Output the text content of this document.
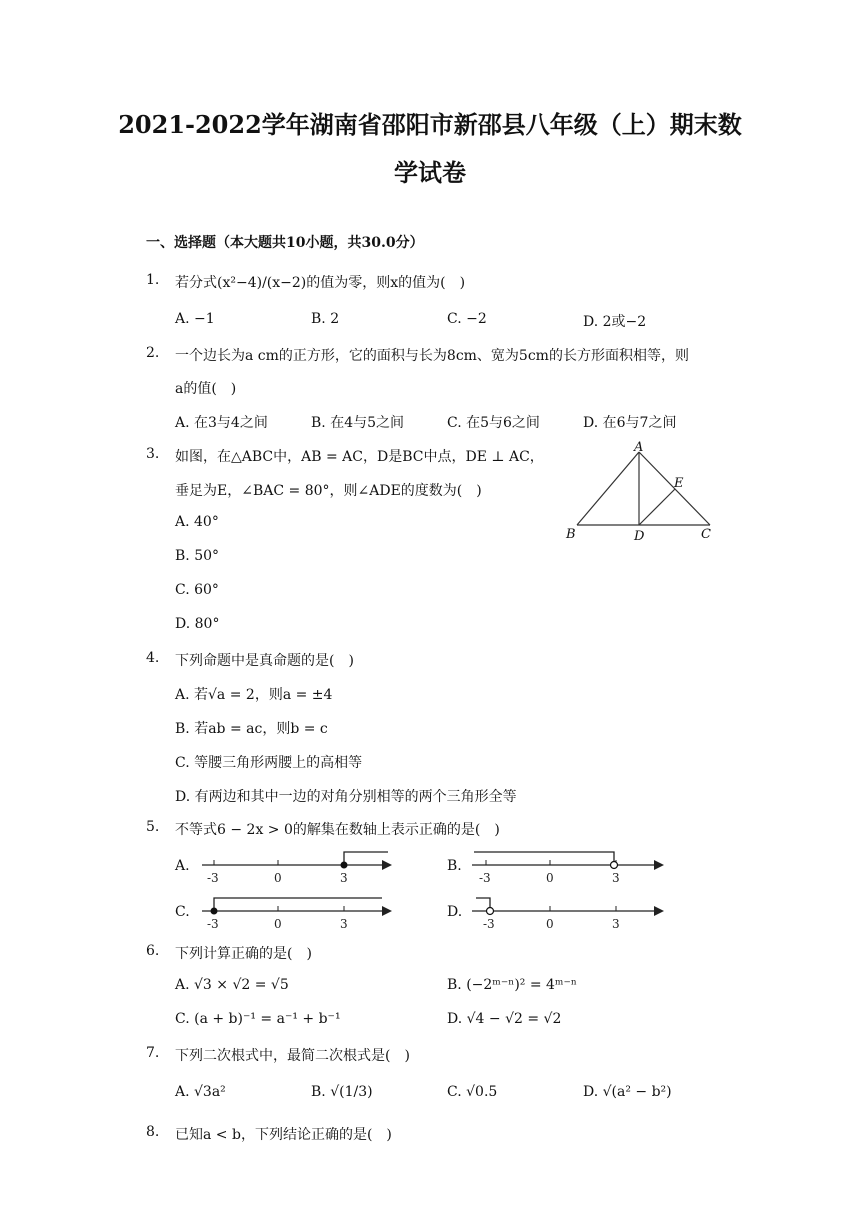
2021-2022学年湖南省邵阳市新邵县八年级（上）期末数
学试卷
一、选择题（本大题共10小题，共30.0分）
1. 若分式(x²−4)/(x−2)的值为零，则x的值为(　)
A. −1	B. 2	C. −2	D. 2或−2
2. 一个边长为a cm的正方形，它的面积与长为8cm、宽为5cm的长方形面积相等，则
a的值(　)
A. 在3与4之间	B. 在4与5之间	C. 在5与6之间	D. 在6与7之间
3. 如图，在△ABC中，AB = AC，D是BC中点，DE ⊥ AC，
垂足为E，∠BAC = 80°，则∠ADE的度数为(　)
A. 40°
B. 50°
C. 60°
D. 80°
A
B	C
D
E
4. 下列命题中是真命题的是(　)
A. 若√a = 2，则a = ±4
B. 若ab = ac，则b = c
C. 等腰三角形两腰上的高相等
D. 有两边和其中一边的对角分别相等的两个三角形全等
5. 不等式6 − 2x > 0的解集在数轴上表示正确的是(　)
A.	B.
C.	D.
-3	0	3	-3	0	3
-3	0	3	-3	0	3
6. 下列计算正确的是(　)
A. √3 × √2 = √5	B. (−2ᵐ⁻ⁿ)² = 4ᵐ⁻ⁿ
C. (a + b)⁻¹ = a⁻¹ + b⁻¹	D. √4 − √2 = √2
7. 下列二次根式中，最简二次根式是(　)
A. √3a²	B. √(1/3)	C. √0.5	D. √(a² − b²)
8. 已知a < b，下列结论正确的是(　)
